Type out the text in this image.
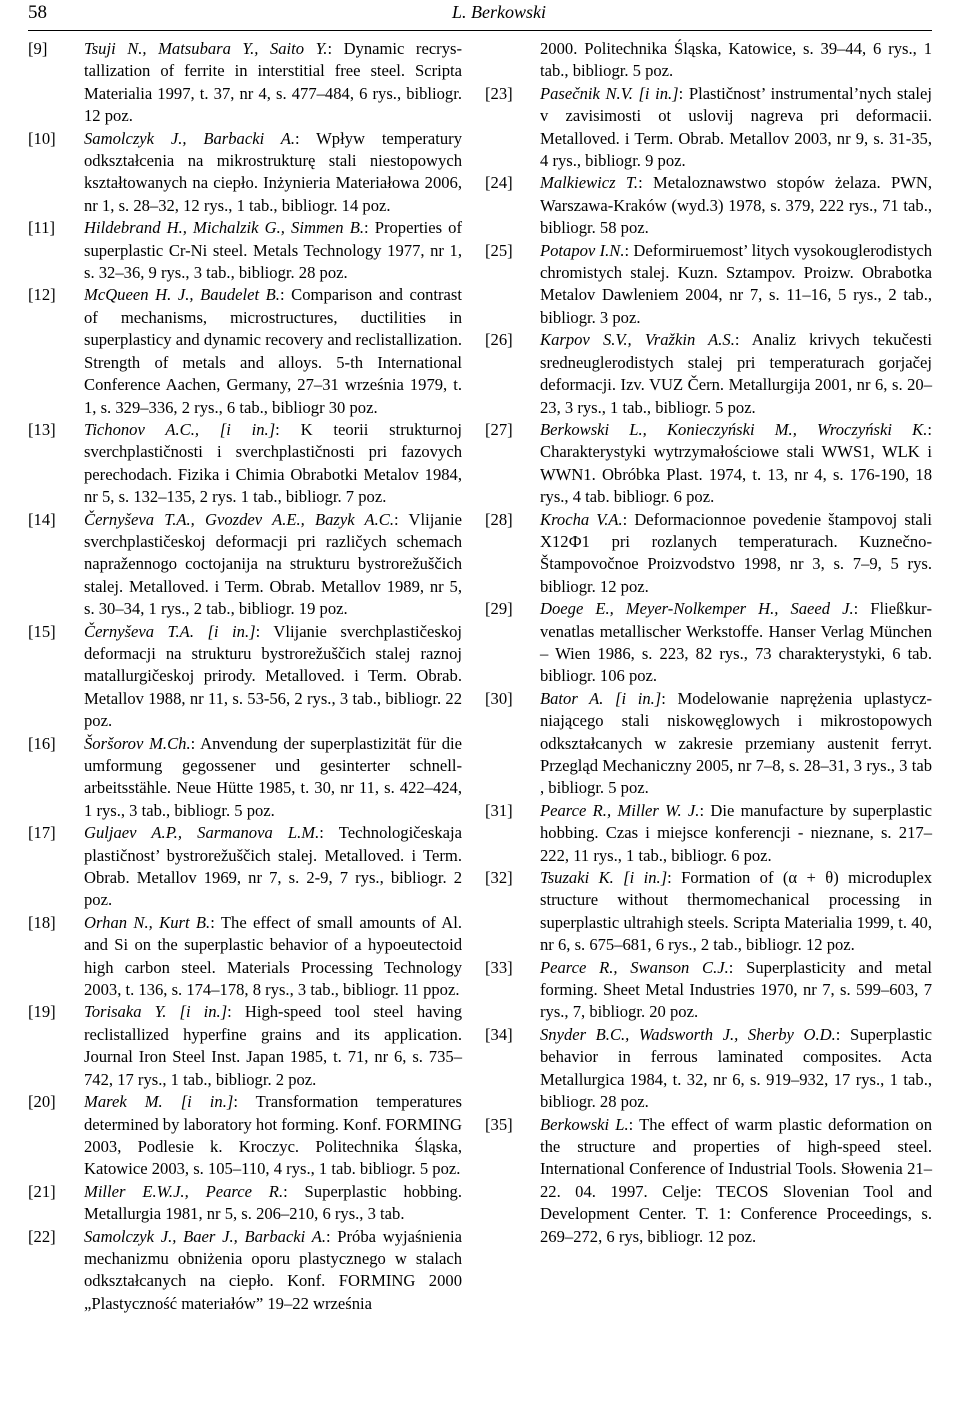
58	L. Berkowski
[9] Tsuji N., Matsubara Y., Saito Y.: Dynamic recrystallization of ferrite in interstitial free steel. Scripta Materialia 1997, t. 37, nr 4, s. 477–484, 6 rys., bibliogr. 12 poz.
[10] Samolczyk J., Barbacki A.: Wpływ temperatury odkształcenia na mikrostrukturę stali niestopowych kształtowanych na ciepło. Inżynieria Materiałowa 2006, nr 1, s. 28–32, 12 rys., 1 tab., bibliogr. 14 poz.
[11] Hildebrand H., Michalzik G., Simmen B.: Properties of superplastic Cr-Ni steel. Metals Technology 1977, nr 1, s. 32–36, 9 rys., 3 tab., bibliogr. 28 poz.
[12] McQueen H. J., Baudelet B.: Comparison and contrast of mechanisms, microstructures, ductilities in superplasticy and dynamic recovery and reclistallization. Strength of metals and alloys. 5-th International Conference Aachen, Germany, 27–31 września 1979, t. 1, s. 329–336, 2 rys., 6 tab., bibliogr 30 poz.
[13] Tichonov A.C., [i in.]: K teorii strukturnoj sverchplastičnosti i sverchplastičnosti pri fazovych perechodach. Fizika i Chimia Obrabotki Metalov 1984, nr 5, s. 132–135, 2 rys. 1 tab., bibliogr. 7 poz.
[14] Černyševa T.A., Gvozdev A.E., Bazyk A.C.: Vlijanie sverchplastičeskoj deformacji pri različych schemach napražennogo coctojanija na strukturu bystrorežuščich stalej. Metalloved. i Term. Obrab. Metallov 1989, nr 5, s. 30–34, 1 rys., 2 tab., bibliogr. 19 poz.
[15] Černyševa T.A. [i in.]: Vlijanie sverchplastičeskoj deformacji na strukturu bystrorežuščich stalej raznoj matallurgičeskoj prirody. Metalloved. i Term. Obrab. Metallov 1988, nr 11, s. 53-56, 2 rys., 3 tab., bibliogr. 22 poz.
[16] Šoršorov M.Ch.: Anvendung der superplastizität für die umformung gegossener und gesinterter schnellarbeitsstähle. Neue Hütte 1985, t. 30, nr 11, s. 422–424, 1 rys., 3 tab., bibliogr. 5 poz.
[17] Guljaev A.P., Sarmanova L.M.: Technologičeskaja plastičnost’ bystrorežuščich stalej. Metalloved. i Term. Obrab. Metallov 1969, nr 7, s. 2-9, 7 rys., bibliogr. 2 poz.
[18] Orhan N., Kurt B.: The effect of small amounts of Al. and Si on the superplastic behavior of a hypoeutectoid high carbon steel. Materials Processing Technology 2003, t. 136, s. 174–178, 8 rys., 3 tab., bibliogr. 11 ppoz.
[19] Torisaka Y. [i in.]: High-speed tool steel having reclistallized hyperfine grains and its application. Journal Iron Steel Inst. Japan 1985, t. 71, nr 6, s. 735–742, 17 rys., 1 tab., bibliogr. 2 poz.
[20] Marek M. [i in.]: Transformation temperatures determined by laboratory hot forming. Konf. FORMING 2003, Podlesie k. Kroczyc. Politechnika Śląska, Katowice 2003, s. 105–110, 4 rys., 1 tab. bibliogr. 5 poz.
[21] Miller E.W.J., Pearce R.: Superplastic hobbing. Metallurgia 1981, nr 5, s. 206–210, 6 rys., 3 tab.
[22] Samolczyk J., Baer J., Barbacki A.: Próba wyjaśnienia mechanizmu obniżenia oporu plastycznego w stalach odkształcanych na ciepło. Konf. FORMING 2000 „Plastyczność materiałów” 19–22 września
2000. Politechnika Śląska, Katowice, s. 39–44, 6 rys., 1 tab., bibliogr. 5 poz.
[23] Pasečnik N.V. [i in.]: Plastičnost’ instrumental’nych stalej v zavisimosti ot uslovij nagreva pri deformacii. Metalloved. i Term. Obrab. Metallov 2003, nr 9, s. 31-35, 4 rys., bibliogr. 9 poz.
[24] Malkiewicz T.: Metaloznawstwo stopów żelaza. PWN, Warszawa-Kraków (wyd.3) 1978, s. 379, 222 rys., 71 tab., bibliogr. 58 poz.
[25] Potapov I.N.: Deformiruemost’ litych vysokouglerodistych chromistych stalej. Kuzn. Sztampov. Proizw. Obrabotka Metalov Dawleniem 2004, nr 7, s. 11–16, 5 rys., 2 tab., bibliogr. 3 poz.
[26] Karpov S.V., Vražkin A.S.: Analiz krivych tekučesti sredneuglerodistych stalej pri temperaturach gorjačej deformacji. Izv. VUZ Čern. Metallurgija 2001, nr 6, s. 20–23, 3 rys., 1 tab., bibliogr. 5 poz.
[27] Berkowski L., Konieczyński M., Wroczyński K.: Charakterystyki wytrzymałościowe stali WWS1, WLK i WWN1. Obróbka Plast. 1974, t. 13, nr 4, s. 176-190, 18 rys., 4 tab. bibliogr. 6 poz.
[28] Krocha V.A.: Deformacionnoe povedenie štampovoj stali X12Ф1 pri rozlanych temperaturach. Kuznečno-Štampovočnoe Proizvodstvo 1998, nr 3, s. 7–9, 5 rys. bibliogr. 12 poz.
[29] Doege E., Meyer-Nolkemper H., Saeed J.: Fließkurvenatlas metallischer Werkstoffe. Hanser Verlag München – Wien 1986, s. 223, 82 rys., 73 charakterystyki, 6 tab. bibliogr. 106 poz.
[30] Bator A. [i in.]: Modelowanie naprężenia uplastyczniającego stali niskowęglowych i mikrostopowych odkształcanych w zakresie przemiany austenit ferryt. Przegląd Mechaniczny 2005, nr 7–8, s. 28–31, 3 rys., 3 tab , bibliogr. 5 poz.
[31] Pearce R., Miller W. J.: Die manufacture by superplastic hobbing. Czas i miejsce konferencji - nieznane, s. 217–222, 11 rys., 1 tab., bibliogr. 6 poz.
[32] Tsuzaki K. [i in.]: Formation of (α + θ) microduplex structure without thermomechanical processing in superplastic ultrahigh steels. Scripta Materialia 1999, t. 40, nr 6, s. 675–681, 6 rys., 2 tab., bibliogr. 12 poz.
[33] Pearce R., Swanson C.J.: Superplasticity and metal forming. Sheet Metal Industries 1970, nr 7, s. 599–603, 7 rys., 7, bibliogr. 20 poz.
[34] Snyder B.C., Wadsworth J., Sherby O.D.: Superplastic behavior in ferrous laminated composites. Acta Metallurgica 1984, t. 32, nr 6, s. 919–932, 17 rys., 1 tab., bibliogr. 28 poz.
[35] Berkowski L.: The effect of warm plastic deformation on the structure and properties of high-speed steel. International Conference of Industrial Tools. Słowenia 21–22. 04. 1997. Celje: TECOS Slovenian Tool and Development Center. T. 1: Conference Proceedings, s. 269–272, 6 rys, bibliogr. 12 poz.
